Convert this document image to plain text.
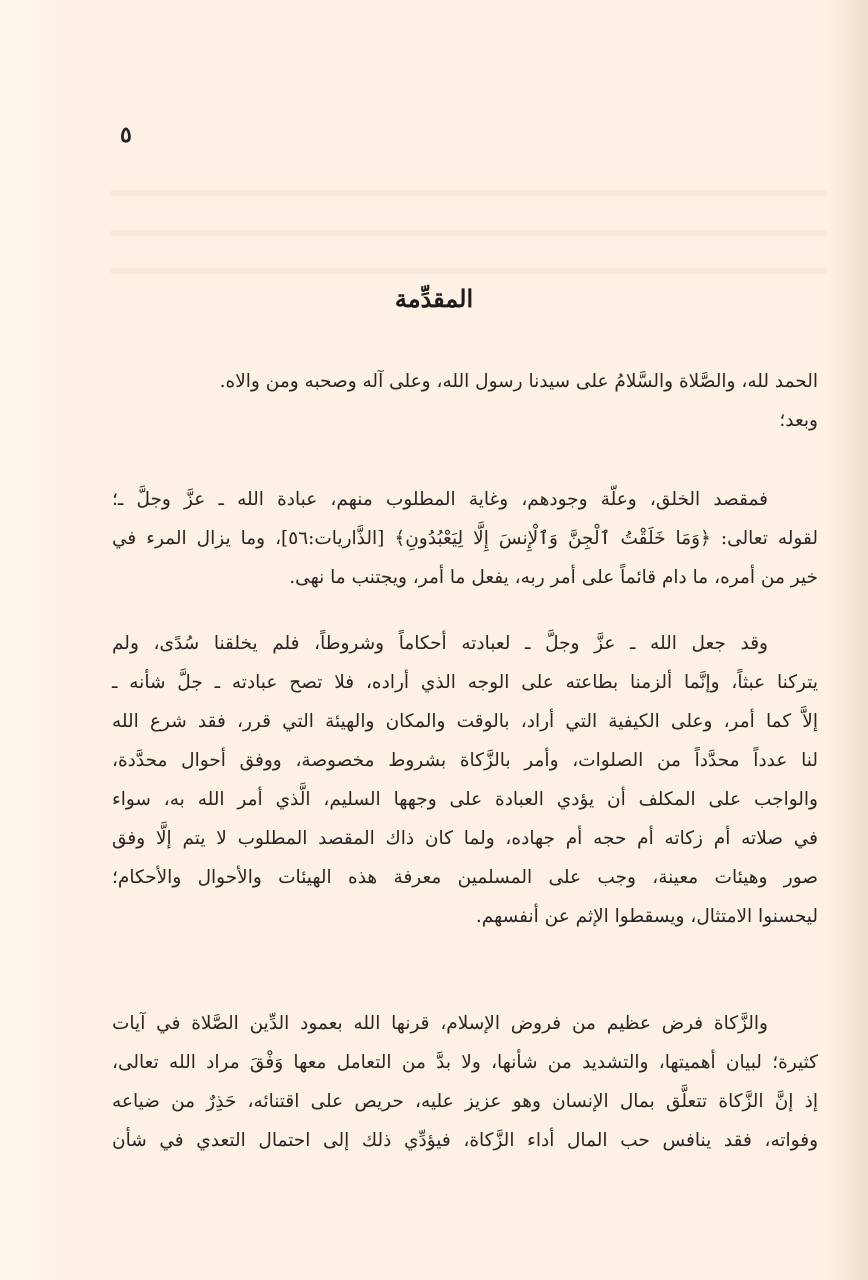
٥
المقدِّمة
الحمد لله، والصَّلاة والسَّلامُ على سيدنا رسول الله، وعلى آله وصحبه ومن والاه.
وبعد؛
فمقصد الخلق، وعلّة وجودهم، وغاية المطلوب منهم، عبادة الله ـ عزَّ وجلَّ ـ؛
لقوله تعالى: ﴿وَمَا خَلَقْتُ ٱلْجِنَّ وَٱلْإِنسَ إِلَّا لِيَعْبُدُونِ﴾ [الذَّاريات:٥٦]، وما يزال المرء في
خير من أمره، ما دام قائماً على أمر ربه، يفعل ما أمر، ويجتنب ما نهى.
وقد جعل الله ـ عزَّ وجلَّ ـ لعبادته أحكاماً وشروطاً، فلم يخلقنا سُدًى، ولم
يتركنا عبثاً، وإنَّما ألزمنا بطاعته على الوجه الذي أراده، فلا تصح عبادته ـ جلَّ شأنه ـ
إلاَّ كما أمر، وعلى الكيفية التي أراد، بالوقت والمكان والهيئة التي قرر، فقد شرع الله
لنا عدداً محدَّداً من الصلوات، وأمر بالزَّكاة بشروط مخصوصة، ووفق أحوال محدَّدة،
والواجب على المكلف أن يؤدي العبادة على وجهها السليم، الَّذي أمر الله به، سواء
في صلاته أم زكاته أم حجه أم جهاده، ولما كان ذاك المقصد المطلوب لا يتم إلَّا وفق
صور وهيئات معينة، وجب على المسلمين معرفة هذه الهيئات والأحوال والأحكام؛
ليحسنوا الامتثال، ويسقطوا الإثم عن أنفسهم.
والزَّكاة فرض عظيم من فروض الإسلام، قرنها الله بعمود الدِّين الصَّلاة في آيات
كثيرة؛ لبيان أهميتها، والتشديد من شأنها، ولا بدَّ من التعامل معها وَفْقَ مراد الله تعالى،
إذ إنَّ الزَّكاة تتعلَّق بمال الإنسان وهو عزيز عليه، حريص على اقتنائه، حَذِرٌ من ضياعه
وفواته، فقد ينافس حب المال أداء الزَّكاة، فيؤدِّي ذلك إلى احتمال التعدي في شأن
